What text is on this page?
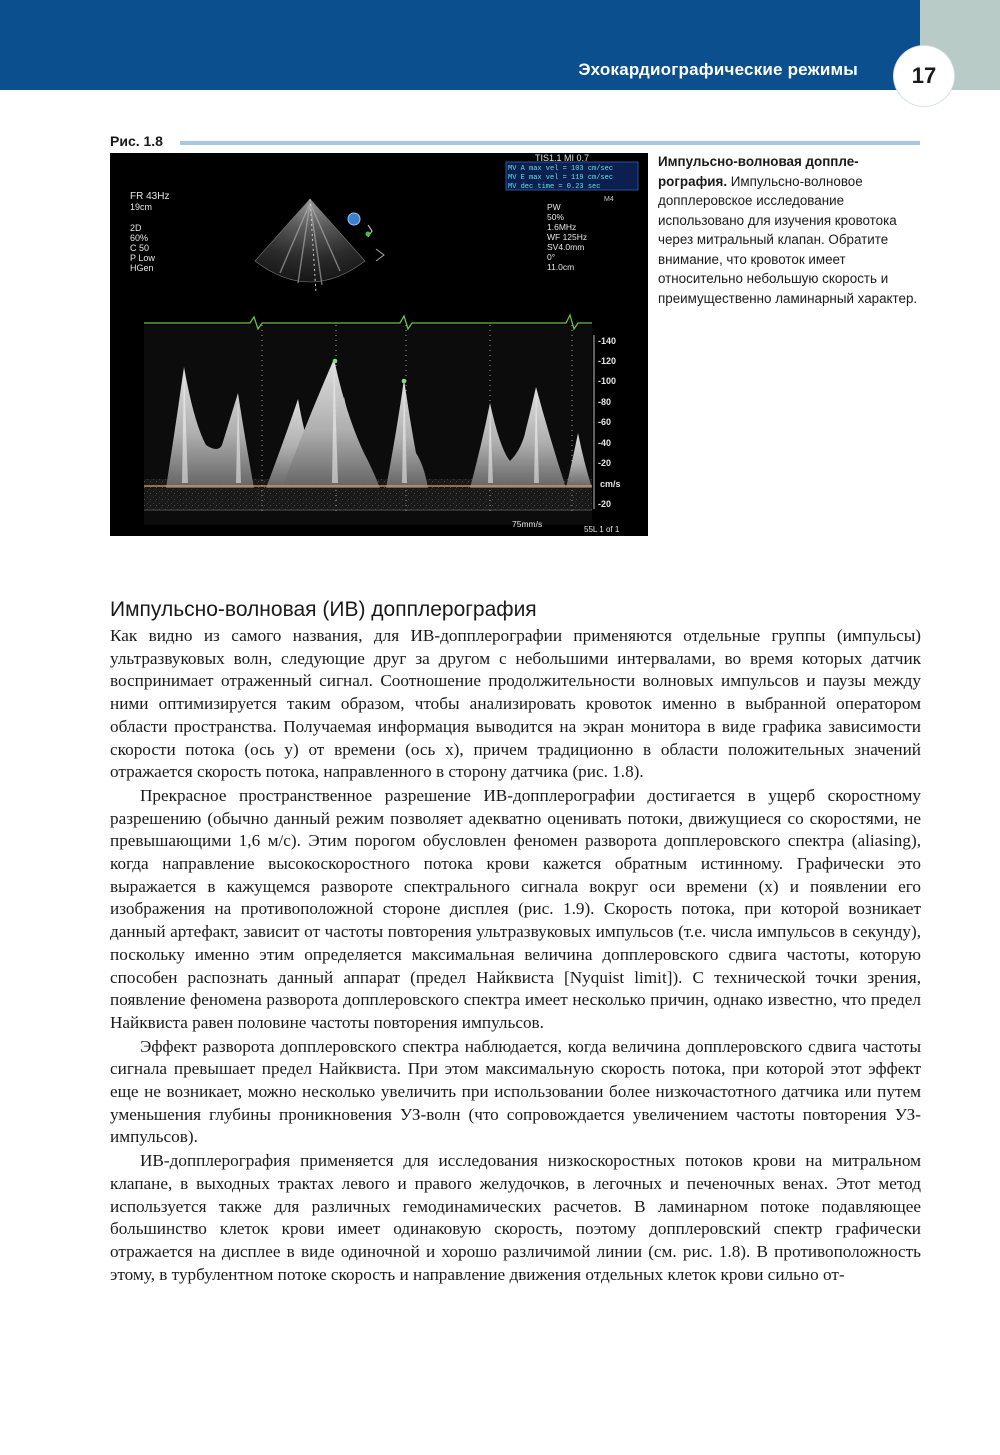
Эхокардиографические режимы 17
Рис. 1.8
TIS1.1 MI 0.7
MV A max vel = 103 cm/sec
MV E max vel = 119 cm/sec
MV dec time = 0.23 sec
M4
FR 43Hz
19cm
2D
60%
C 50
P Low
HGen
PW
50%
1.6MHz
WF 125Hz
SV4.0mm
0°
11.0cm
-140
-120
-100
-80
-60
-40
-20
cm/s
-20
75mm/s
55L 1 of 1
Импульсно-волновая доппле-рография. Импульсно-волновое допплеровское исследование использовано для изучения кровотока через митральный клапан. Обратите внимание, что кровоток имеет относительно небольшую скорость и преимущественно ламинарный характер.
Импульсно-волновая (ИВ) допплерография

Как видно из самого названия, для ИВ-допплерографии применяются отдельные группы (импульсы) ультразвуковых волн, следующие друг за другом с небольшими интервалами, во время которых датчик воспринимает отраженный сигнал. Соотношение продолжительности волновых импульсов и паузы между ними оптимизируется таким образом, чтобы анализировать кровоток именно в выбранной оператором области пространства. Получаемая информация выводится на экран монитора в виде графика зависимости скорости потока (ось y) от времени (ось x), причем традиционно в области положительных значений отражается скорость потока, направленного в сторону датчика (рис. 1.8).

Прекрасное пространственное разрешение ИВ-допплерографии достигается в ущерб скоростному разрешению (обычно данный режим позволяет адекватно оценивать потоки, движущиеся со скоростями, не превышающими 1,6 м/с). Этим порогом обусловлен феномен разворота допплеровского спектра (aliasing), когда направление высокоскоростного потока крови кажется обратным истинному. Графически это выражается в кажущемся развороте спектрального сигнала вокруг оси времени (x) и появлении его изображения на противоположной стороне дисплея (рис. 1.9). Скорость потока, при которой возникает данный артефакт, зависит от частоты повторения ультразвуковых импульсов (т.е. числа импульсов в секунду), поскольку именно этим определяется максимальная величина допплеровского сдвига частоты, которую способен распознать данный аппарат (предел Найквиста [Nyquist limit]). С технической точки зрения, появление феномена разворота допплеровского спектра имеет несколько причин, однако известно, что предел Найквиста равен половине частоты повторения импульсов.

Эффект разворота допплеровского спектра наблюдается, когда величина допплеровского сдвига частоты сигнала превышает предел Найквиста. При этом максимальную скорость потока, при которой этот эффект еще не возникает, можно несколько увеличить при использовании более низкочастотного датчика или путем уменьшения глубины проникновения УЗ-волн (что сопровождается увеличением частоты повторения УЗ-импульсов).

ИВ-допплерография применяется для исследования низкоскоростных потоков крови на митральном клапане, в выходных трактах левого и правого желудочков, в легочных и печеночных венах. Этот метод используется также для различных гемодинамических расчетов. В ламинарном потоке подавляющее большинство клеток крови имеет одинаковую скорость, поэтому допплеровский спектр графически отражается на дисплее в виде одиночной и хорошо различимой линии (см. рис. 1.8). В противоположность этому, в турбулентном потоке скорость и направление движения отдельных клеток крови сильно от-
